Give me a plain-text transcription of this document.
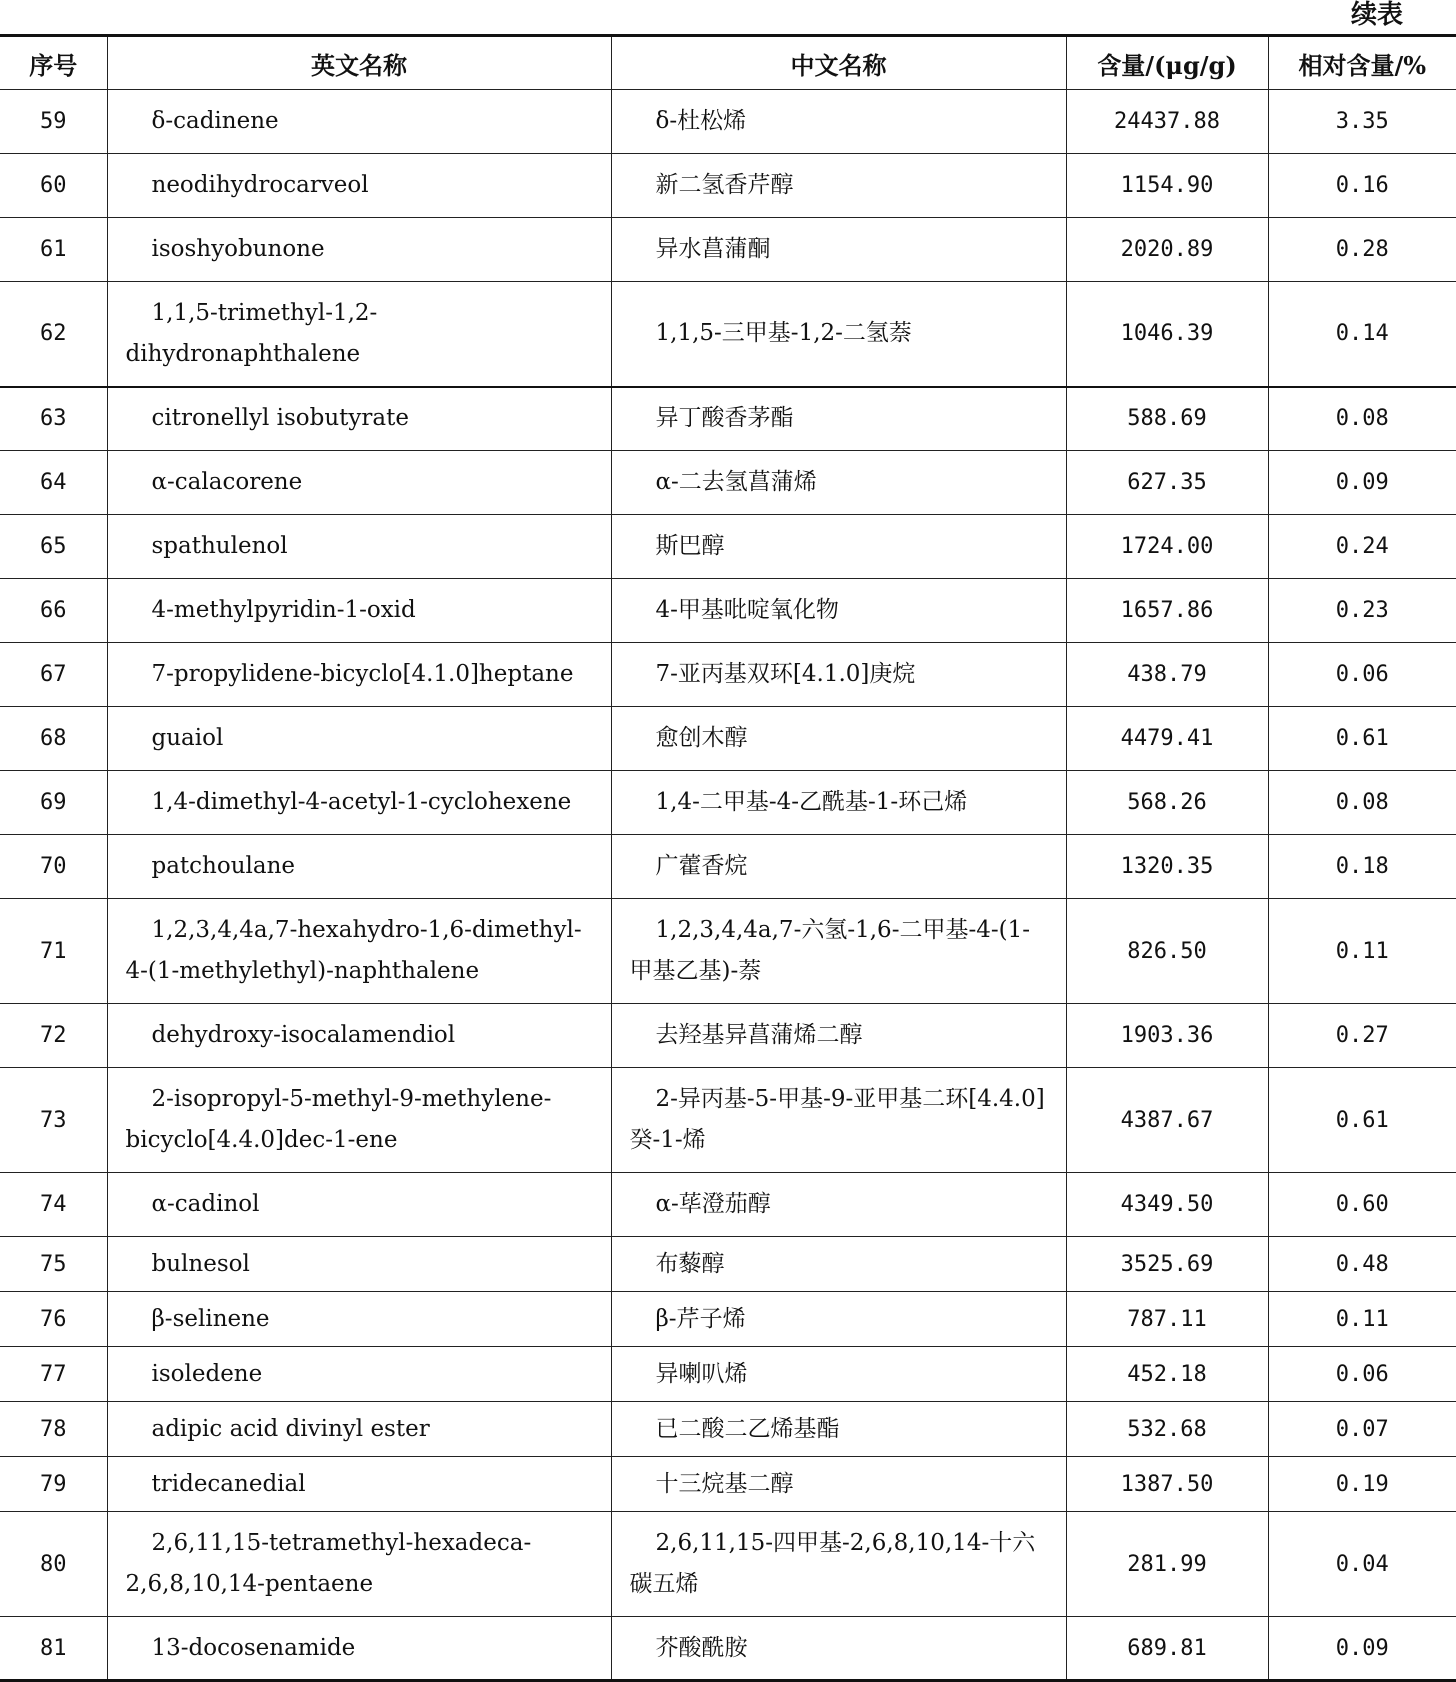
续表
序号	英文名称	中文名称	含量/(μg/g)	相对含量/%
59	δ-cadinene	δ-杜松烯	24437.88	3.35
60	neodihydrocarveol	新二氢香芹醇	1154.90	0.16
61	isoshyobunone	异水菖蒲酮	2020.89	0.28
62	1,1,5-trimethyl-1,2-dihydronaphthalene	1,1,5-三甲基-1,2-二氢萘	1046.39	0.14
63	citronellyl isobutyrate	异丁酸香茅酯	588.69	0.08
64	α-calacorene	α-二去氢菖蒲烯	627.35	0.09
65	spathulenol	斯巴醇	1724.00	0.24
66	4-methylpyridin-1-oxid	4-甲基吡啶氧化物	1657.86	0.23
67	7-propylidene-bicyclo[4.1.0]heptane	7-亚丙基双环[4.1.0]庚烷	438.79	0.06
68	guaiol	愈创木醇	4479.41	0.61
69	1,4-dimethyl-4-acetyl-1-cyclohexene	1,4-二甲基-4-乙酰基-1-环己烯	568.26	0.08
70	patchoulane	广藿香烷	1320.35	0.18
71	1,2,3,4,4a,7-hexahydro-1,6-dimethyl-4-(1-methylethyl)-naphthalene	1,2,3,4,4a,7-六氢-1,6-二甲基-4-(1-甲基乙基)-萘	826.50	0.11
72	dehydroxy-isocalamendiol	去羟基异菖蒲烯二醇	1903.36	0.27
73	2-isopropyl-5-methyl-9-methylene-bicyclo[4.4.0]dec-1-ene	2-异丙基-5-甲基-9-亚甲基二环[4.4.0]癸-1-烯	4387.67	0.61
74	α-cadinol	α-荜澄茄醇	4349.50	0.60
75	bulnesol	布藜醇	3525.69	0.48
76	β-selinene	β-芹子烯	787.11	0.11
77	isoledene	异喇叭烯	452.18	0.06
78	adipic acid divinyl ester	已二酸二乙烯基酯	532.68	0.07
79	tridecanedial	十三烷基二醇	1387.50	0.19
80	2,6,11,15-tetramethyl-hexadeca-2,6,8,10,14-pentaene	2,6,11,15-四甲基-2,6,8,10,14-十六碳五烯	281.99	0.04
81	13-docosenamide	芥酸酰胺	689.81	0.09
